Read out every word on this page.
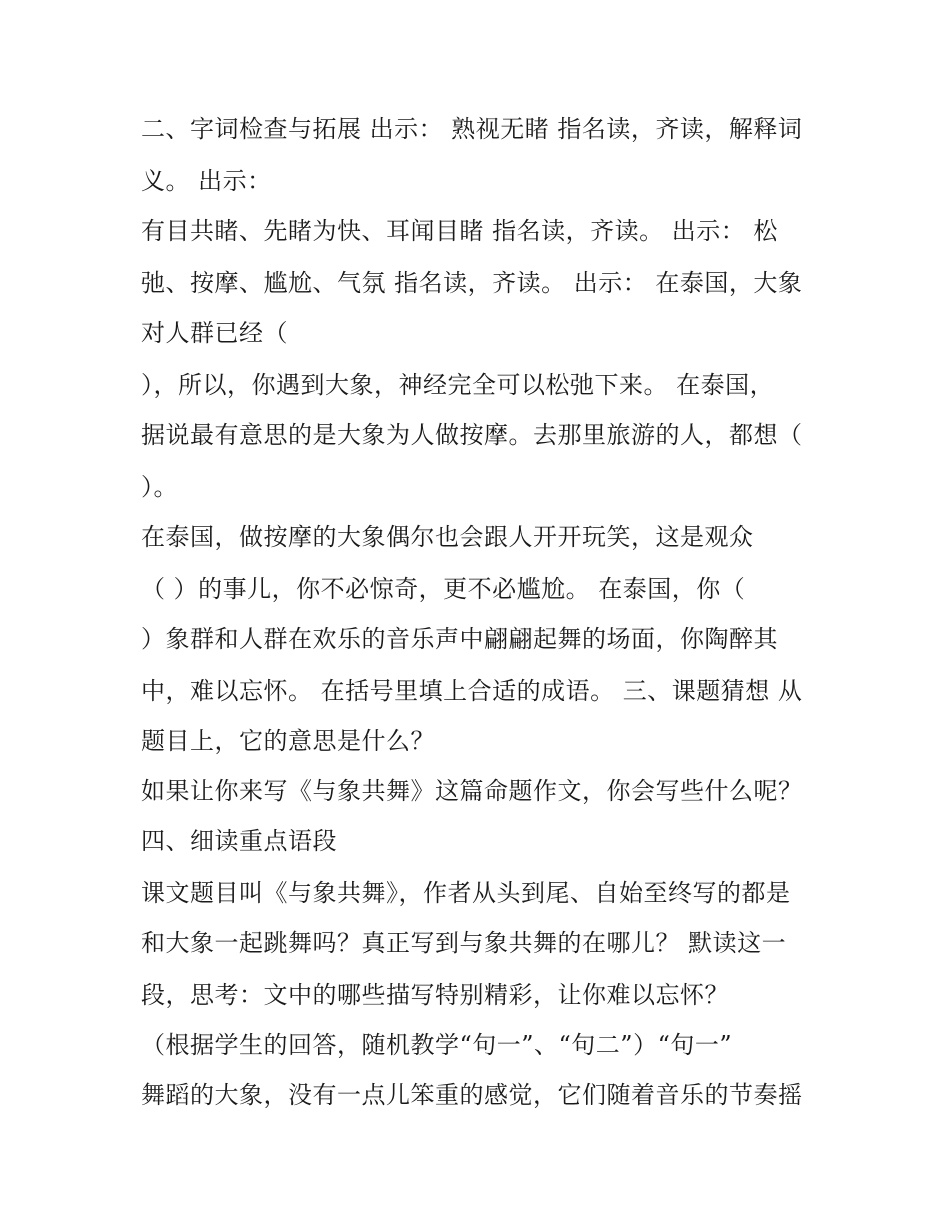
二、字词检查与拓展 出示： 熟视无睹 指名读，齐读，解释词
义。 出示：
有目共睹、先睹为快、耳闻目睹 指名读，齐读。 出示： 松
弛、按摩、尴尬、气氛 指名读，齐读。 出示： 在泰国，大象
对人群已经（
），所以，你遇到大象，神经完全可以松弛下来。 在泰国，
据说最有意思的是大象为人做按摩。去那里旅游的人，都想（
）。
在泰国，做按摩的大象偶尔也会跟人开开玩笑，这是观众
（ ）的事儿，你不必惊奇，更不必尴尬。 在泰国，你（
）象群和人群在欢乐的音乐声中翩翩起舞的场面，你陶醉其
中，难以忘怀。 在括号里填上合适的成语。 三、课题猜想 从
题目上，它的意思是什么？
如果让你来写《与象共舞》这篇命题作文，你会写些什么呢？
四、细读重点语段
课文题目叫《与象共舞》，作者从头到尾、自始至终写的都是
和大象一起跳舞吗？真正写到与象共舞的在哪儿？ 默读这一
段，思考：文中的哪些描写特别精彩，让你难以忘怀？
（根据学生的回答，随机教学“句一”、“句二”）“句一”
舞蹈的大象，没有一点儿笨重的感觉，它们随着音乐的节奏摇
